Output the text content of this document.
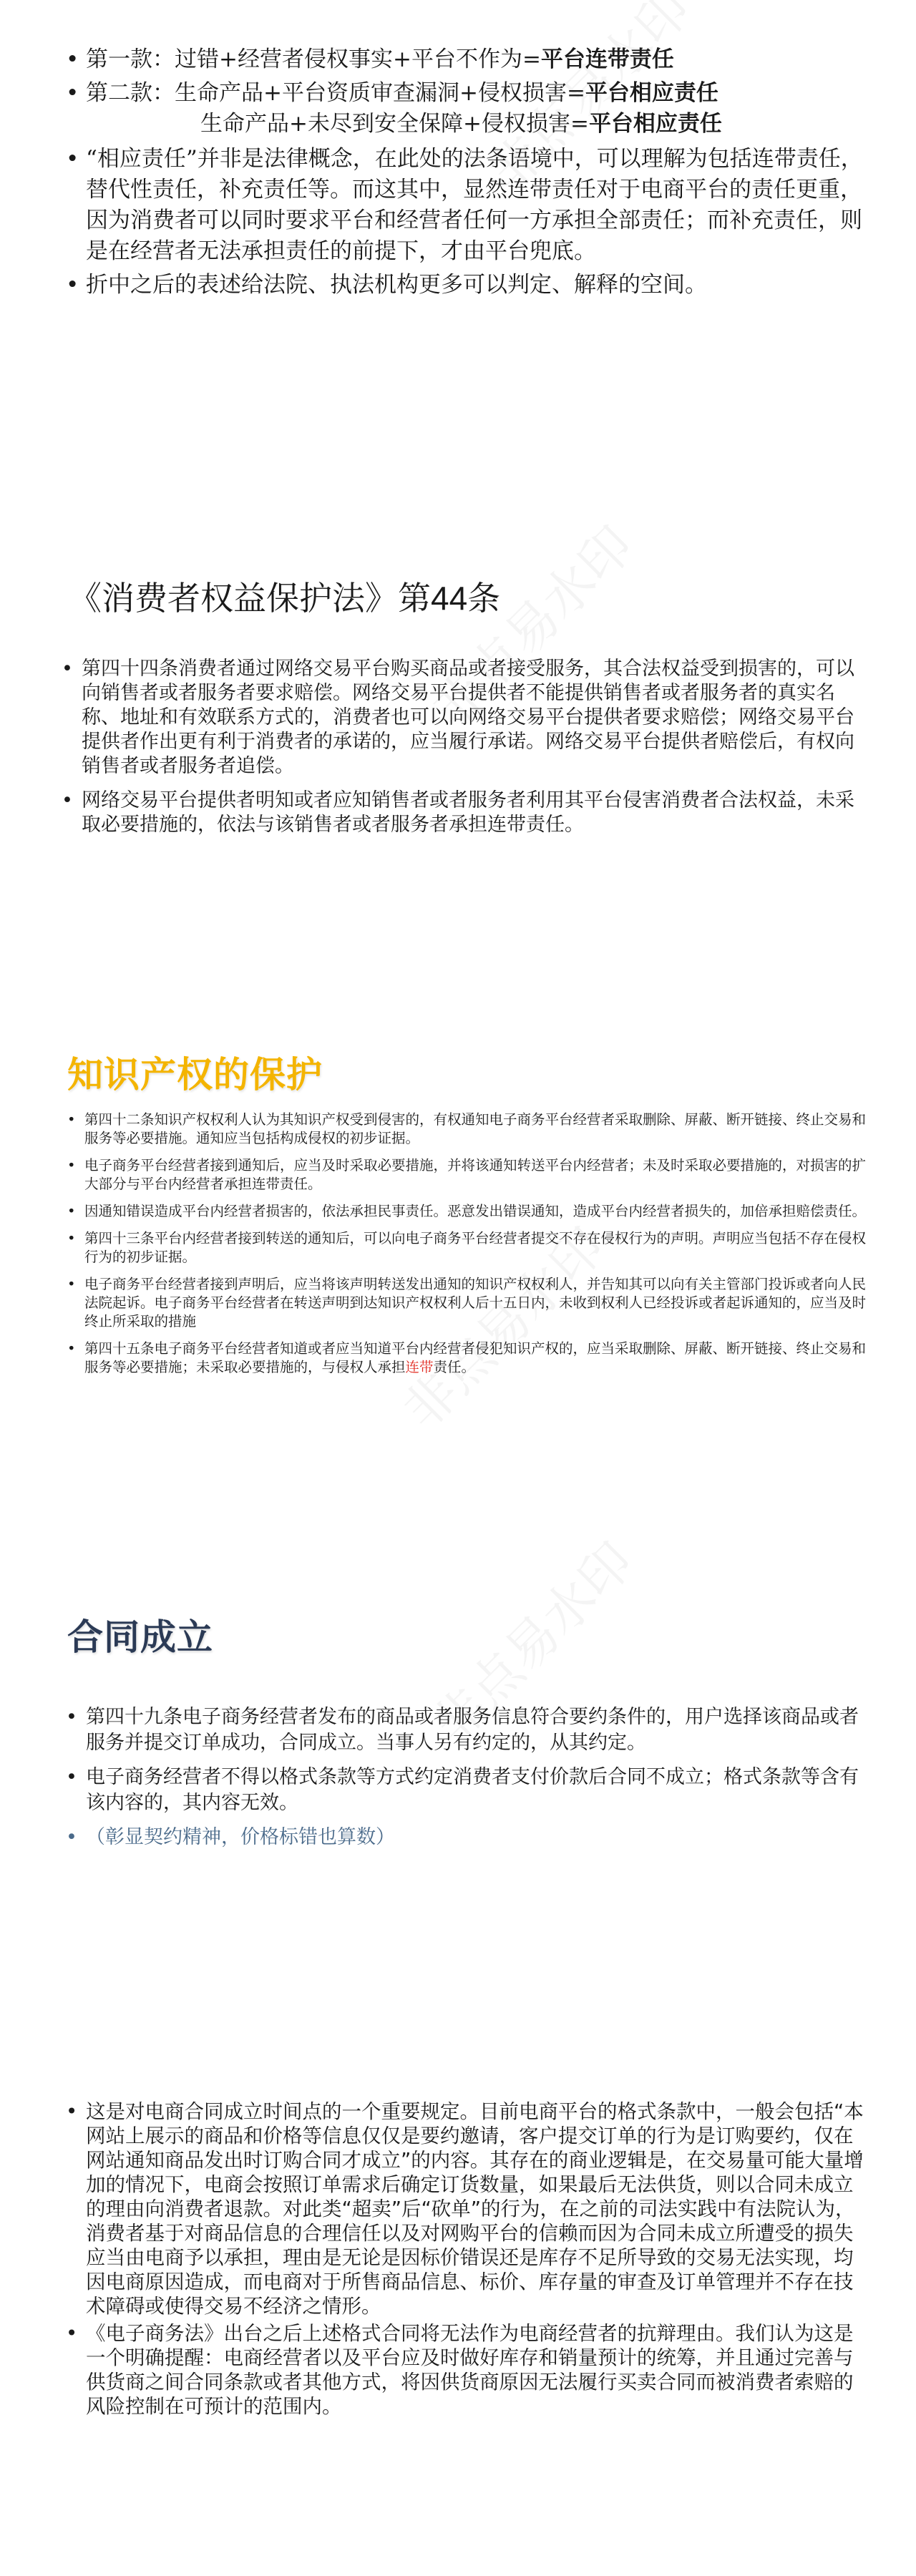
• 第一款：过错+经营者侵权事实+平台不作为=平台连带责任
• 第二款：生命产品+平台资质审查漏洞+侵权损害=平台相应责任
生命产品+未尽到安全保障+侵权损害=平台相应责任
• “相应责任”并非是法律概念，在此处的法条语境中，可以理解为包括连带责任，替代性责任，补充责任等。而这其中，显然连带责任对于电商平台的责任更重，因为消费者可以同时要求平台和经营者任何一方承担全部责任；而补充责任，则是在经营者无法承担责任的前提下，才由平台兜底。
• 折中之后的表述给法院、执法机构更多可以判定、解释的空间。
《消费者权益保护法》第44条
• 第四十四条消费者通过网络交易平台购买商品或者接受服务，其合法权益受到损害的，可以向销售者或者服务者要求赔偿。网络交易平台提供者不能提供销售者或者服务者的真实名称、地址和有效联系方式的，消费者也可以向网络交易平台提供者要求赔偿；网络交易平台提供者作出更有利于消费者的承诺的，应当履行承诺。网络交易平台提供者赔偿后，有权向销售者或者服务者追偿。
• 网络交易平台提供者明知或者应知销售者或者服务者利用其平台侵害消费者合法权益，未采取必要措施的，依法与该销售者或者服务者承担连带责任。
知识产权的保护
• 第四十二条知识产权权利人认为其知识产权受到侵害的，有权通知电子商务平台经营者采取删除、屏蔽、断开链接、终止交易和服务等必要措施。通知应当包括构成侵权的初步证据。
• 电子商务平台经营者接到通知后，应当及时采取必要措施，并将该通知转送平台内经营者；未及时采取必要措施的，对损害的扩大部分与平台内经营者承担连带责任。
• 因通知错误造成平台内经营者损害的，依法承担民事责任。恶意发出错误通知，造成平台内经营者损失的，加倍承担赔偿责任。
• 第四十三条平台内经营者接到转送的通知后，可以向电子商务平台经营者提交不存在侵权行为的声明。声明应当包括不存在侵权行为的初步证据。
• 电子商务平台经营者接到声明后，应当将该声明转送发出通知的知识产权权利人，并告知其可以向有关主管部门投诉或者向人民法院起诉。电子商务平台经营者在转送声明到达知识产权权利人后十五日内，未收到权利人已经投诉或者起诉通知的，应当及时终止所采取的措施
• 第四十五条电子商务平台经营者知道或者应当知道平台内经营者侵犯知识产权的，应当采取删除、屏蔽、断开链接、终止交易和服务等必要措施；未采取必要措施的，与侵权人承担连带责任。
合同成立
• 第四十九条电子商务经营者发布的商品或者服务信息符合要约条件的，用户选择该商品或者服务并提交订单成功，合同成立。当事人另有约定的，从其约定。
• 电子商务经营者不得以格式条款等方式约定消费者支付价款后合同不成立；格式条款等含有该内容的，其内容无效。
• （彰显契约精神，价格标错也算数）
• 这是对电商合同成立时间点的一个重要规定。目前电商平台的格式条款中，一般会包括“本网站上展示的商品和价格等信息仅仅是要约邀请，客户提交订单的行为是订购要约，仅在网站通知商品发出时订购合同才成立”的内容。其存在的商业逻辑是，在交易量可能大量增加的情况下，电商会按照订单需求后确定订货数量，如果最后无法供货，则以合同未成立的理由向消费者退款。对此类“超卖”后“砍单”的行为，在之前的司法实践中有法院认为，消费者基于对商品信息的合理信任以及对网购平台的信赖而因为合同未成立所遭受的损失应当由电商予以承担，理由是无论是因标价错误还是库存不足所导致的交易无法实现，均因电商原因造成，而电商对于所售商品信息、标价、库存量的审查及订单管理并不存在技术障碍或使得交易不经济之情形。
• 《电子商务法》出台之后上述格式合同将无法作为电商经营者的抗辩理由。我们认为这是一个明确提醒：电商经营者以及平台应及时做好库存和销量预计的统筹，并且通过完善与供货商之间合同条款或者其他方式，将因供货商原因无法履行买卖合同而被消费者索赔的风险控制在可预计的范围内。
